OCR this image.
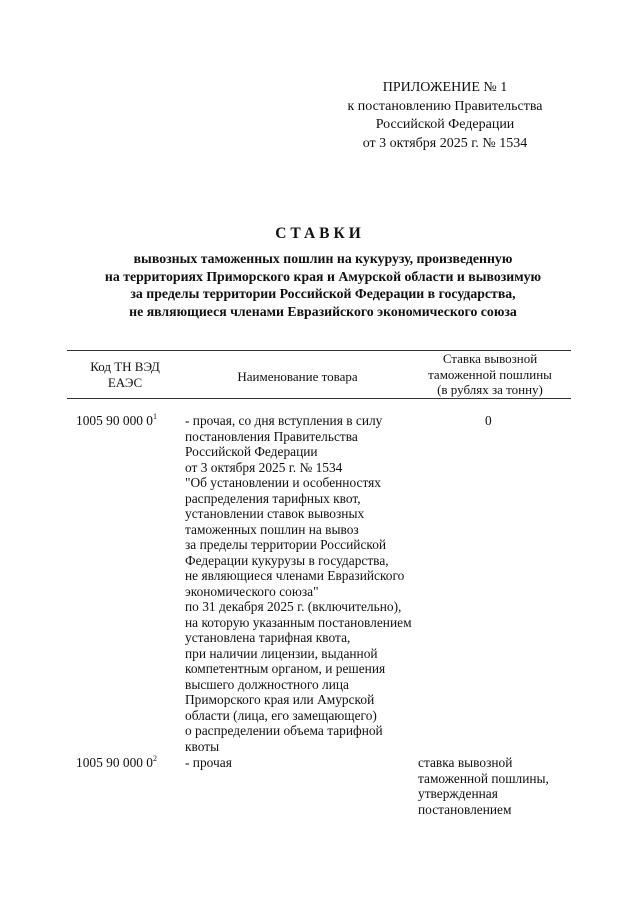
ПРИЛОЖЕНИЕ № 1
к постановлению Правительства
Российской Федерации
от 3 октября 2025 г. № 1534
СТАВКИ
вывозных таможенных пошлин на кукурузу, произведенную
на территориях Приморского края и Амурской области и вывозимую
за пределы территории Российской Федерации в государства,
не являющиеся членами Евразийского экономического союза
Код ТН ВЭД
ЕАЭС	Наименование товара
Ставка вывозной
таможенной пошлины
(в рублях за тонну)
1005 90 000 $0^1$ - прочая, со дня вступления в силу
постановления Правительства
Российской Федерации
от 3 октября 2025 г. № 1534
"Об установлении и особенностях
распределения тарифных квот,
установлении ставок вывозных
таможенных пошлин на вывоз
за пределы территории Российской
Федерации кукурузы в государства,
не являющиеся членами Евразийского
экономического союза"
по 31 декабря 2025 г. (включительно),
на которую указанным постановлением
установлена тарифная квота,
при наличии лицензии, выданной
компетентным органом, и решения
высшего должностного лица
Приморского края или Амурской
области (лица, его замещающего)
о распределении объема тарифной
квоты
0
1005 90 000 $0^2$ - прочая	ставка вывозной
таможенной пошлины,
утвержденная
постановлением
